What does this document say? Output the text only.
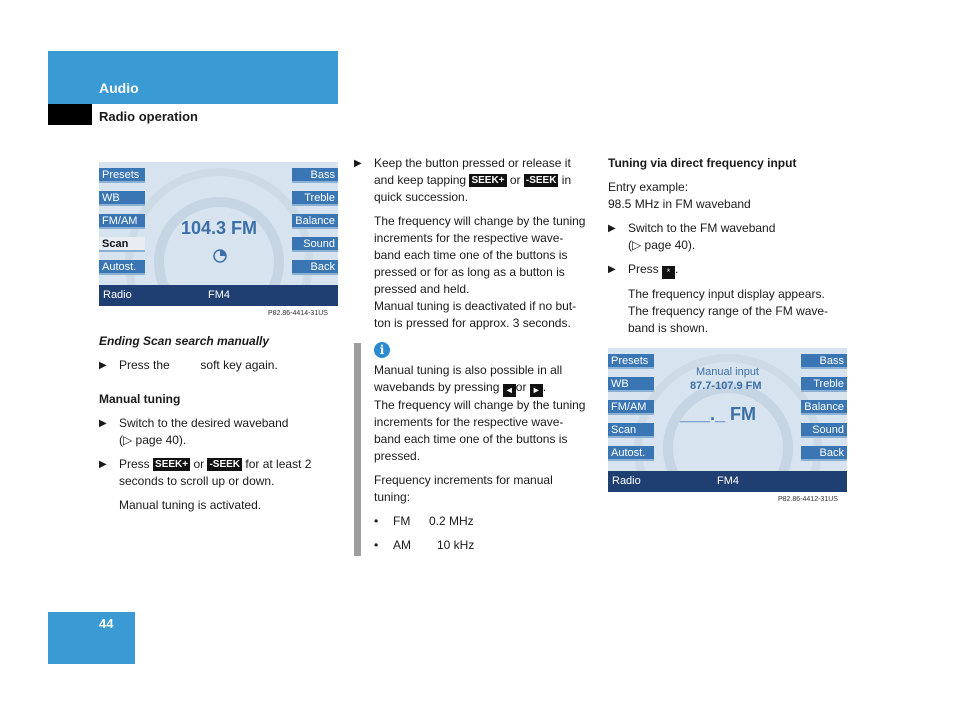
Audio
Radio operation
Presets
WB
FM/AM
Scan
Autost.
Bass
Treble
Balance
Sound
Back
104.3 FM
Radio	FM4
P82.86-4414-31US

Ending Scan search manually

▶ Press the	soft key again.

Manual tuning

▶ Switch to the desired waveband
(▷ page 40).

▶ Press SEEK+ or -SEEK for at least 2
seconds to scroll up or down.

Manual tuning is activated.

▶ Keep the button pressed or release it
and keep tapping SEEK+ or -SEEK in
quick succession.

The frequency will change by the tuning
increments for the respective wave-
band each time one of the buttons is
pressed or for as long as a button is
pressed and held.
Manual tuning is deactivated if no but-
ton is pressed for approx. 3 seconds.

i

Manual tuning is also possible in all
wavebands by pressing ◄ or ► .
The frequency will change by the tuning
increments for the respective wave-
band each time one of the buttons is
pressed.

Frequency increments for manual
tuning:

• FM 0.2 MHz

• AM 10 kHz

Tuning via direct frequency input

Entry example:
98.5 MHz in FM waveband

▶ Switch to the FM waveband
(▷ page 40).

▶ Press * .

The frequency input display appears.
The frequency range of the FM wave-
band is shown.

Presets
WB
FM/AM
Scan
Autost.
Bass
Treble
Balance
Sound
Back
Manual input
87.7-107.9 FM
___._ FM
Radio	FM4
P82.86-4412-31US
44
